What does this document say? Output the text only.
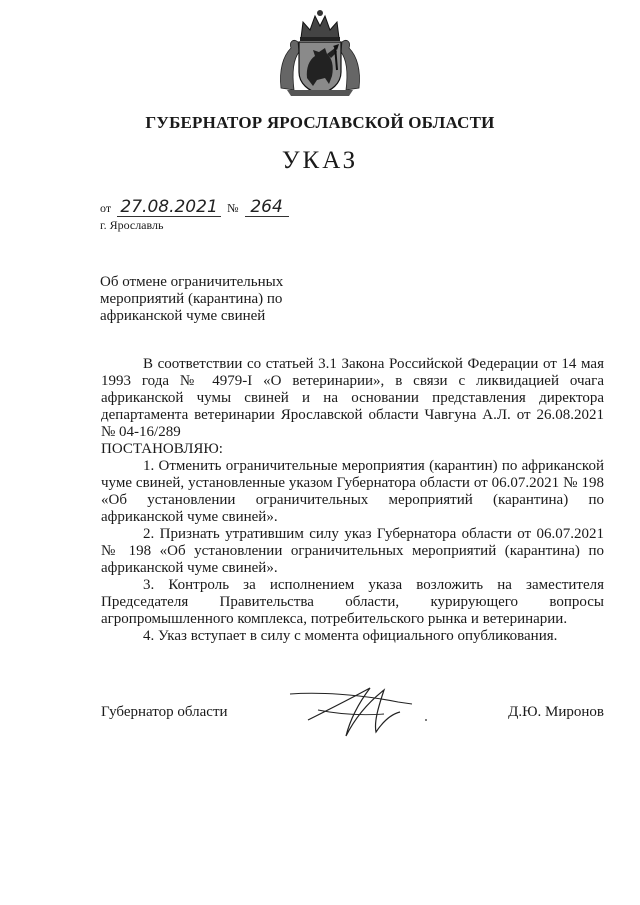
ГУБЕРНАТОР ЯРОСЛАВСКОЙ ОБЛАСТИ
УКАЗ
от 27.08.2021 № 264
г. Ярославль
Об отмене ограничительных
мероприятий (карантина) по
африканской чуме свиней

В соответствии со статьей 3.1 Закона Российской Федерации от 14 мая 1993 года № 4979-I «О ветеринарии», в связи с ликвидацией очага африканской чумы свиней и на основании представления директора департамента ветеринарии Ярославской области Чавгуна А.Л. от 26.08.2021 № 04-16/289

ПОСТАНОВЛЯЮ:

1. Отменить ограничительные мероприятия (карантин) по африканской чуме свиней, установленные указом Губернатора области от 06.07.2021 № 198 «Об установлении ограничительных мероприятий (карантина) по африканской чуме свиней».

2. Признать утратившим силу указ Губернатора области от 06.07.2021 № 198 «Об установлении ограничительных мероприятий (карантина) по африканской чуме свиней».

3. Контроль за исполнением указа возложить на заместителя Председателя Правительства области, курирующего вопросы агропромышленного комплекса, потребительского рынка и ветеринарии.

4. Указ вступает в силу с момента официального опубликования.

Губернатор области	Д.Ю. Миронов
